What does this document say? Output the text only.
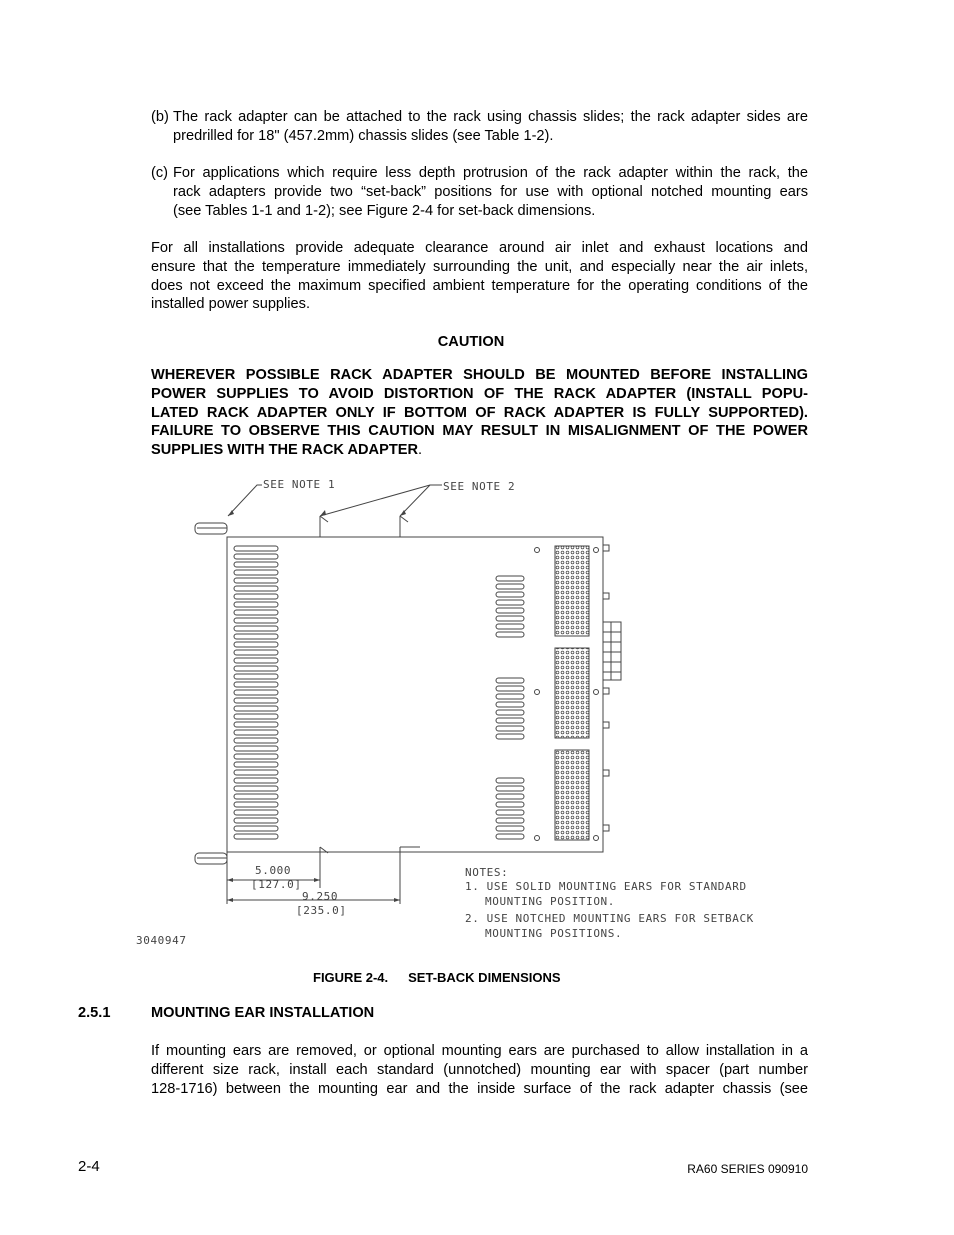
(b) The rack adapter can be attached to the rack using chassis slides; the rack adapter sides are
predrilled for 18" (457.2mm) chassis slides (see Table 1-2).
(c) For applications which require less depth protrusion of the rack adapter within the rack, the
rack adapters provide two “set-back” positions for use with optional notched mounting ears
(see Tables 1-1 and 1-2); see Figure 2-4 for set-back dimensions.
For all installations provide adequate clearance around air inlet and exhaust locations and
ensure that the temperature immediately surrounding the unit, and especially near the air inlets,
does not exceed the maximum specified ambient temperature for the operating conditions of the
installed power supplies.
CAUTION
WHEREVER POSSIBLE RACK ADAPTER SHOULD BE MOUNTED BEFORE INSTALLING
POWER SUPPLIES TO AVOID DISTORTION OF THE RACK ADAPTER (INSTALL POPU-
LATED RACK ADAPTER ONLY IF BOTTOM OF RACK ADAPTER IS FULLY SUPPORTED).
FAILURE TO OBSERVE THIS CAUTION MAY RESULT IN MISALIGNMENT OF THE POWER
SUPPLIES WITH THE RACK ADAPTER.
SEE NOTE 1	SEE NOTE 2
5.000
[127.0]
9.250
[235.0]
NOTES:
1. USE SOLID MOUNTING EARS FOR STANDARD
MOUNTING POSITION.
2. USE NOTCHED MOUNTING EARS FOR SETBACK
MOUNTING POSITIONS.
3040947
FIGURE 2-4. SET-BACK DIMENSIONS
2.5.1	MOUNTING EAR INSTALLATION
If mounting ears are removed, or optional mounting ears are purchased to allow installation in a
different size rack, install each standard (unnotched) mounting ear with spacer (part number
128-1716) between the mounting ear and the inside surface of the rack adapter chassis (see
2-4	RA60 SERIES 090910
